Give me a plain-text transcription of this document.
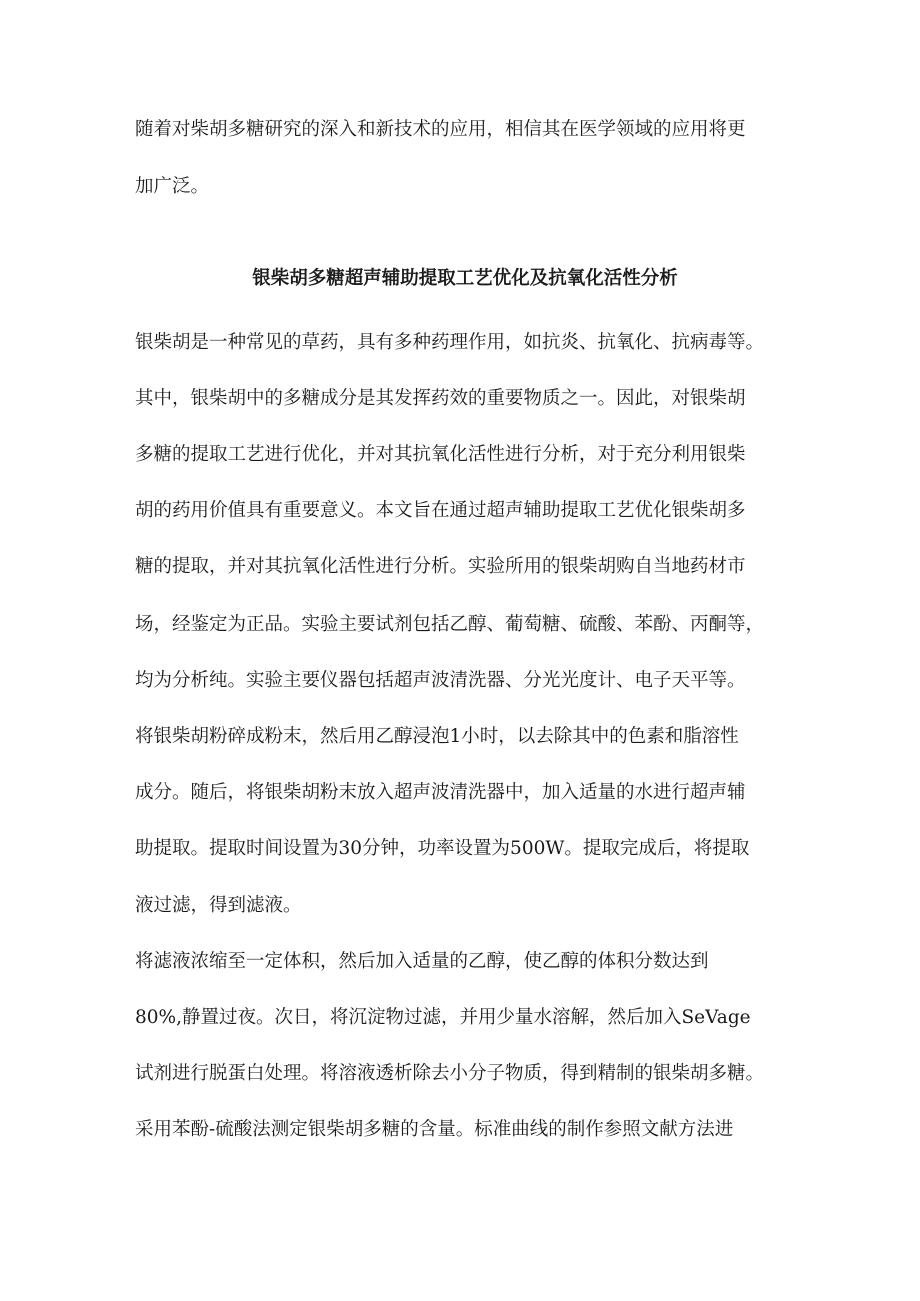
随着对柴胡多糖研究的深入和新技术的应用，相信其在医学领域的应用将更
加广泛。
银柴胡多糖超声辅助提取工艺优化及抗氧化活性分析
银柴胡是一种常见的草药，具有多种药理作用，如抗炎、抗氧化、抗病毒等。
其中，银柴胡中的多糖成分是其发挥药效的重要物质之一。因此，对银柴胡
多糖的提取工艺进行优化，并对其抗氧化活性进行分析，对于充分利用银柴
胡的药用价值具有重要意义。本文旨在通过超声辅助提取工艺优化银柴胡多
糖的提取，并对其抗氧化活性进行分析。实验所用的银柴胡购自当地药材市
场，经鉴定为正品。实验主要试剂包括乙醇、葡萄糖、硫酸、苯酚、丙酮等，
均为分析纯。实验主要仪器包括超声波清洗器、分光光度计、电子天平等。
将银柴胡粉碎成粉末，然后用乙醇浸泡1小时，以去除其中的色素和脂溶性
成分。随后，将银柴胡粉末放入超声波清洗器中，加入适量的水进行超声辅
助提取。提取时间设置为30分钟，功率设置为500W。提取完成后，将提取
液过滤，得到滤液。
将滤液浓缩至一定体积，然后加入适量的乙醇，使乙醇的体积分数达到
80%,静置过夜。次日，将沉淀物过滤，并用少量水溶解，然后加入SeVage
试剂进行脱蛋白处理。将溶液透析除去小分子物质，得到精制的银柴胡多糖。
采用苯酚-硫酸法测定银柴胡多糖的含量。标准曲线的制作参照文献方法进
